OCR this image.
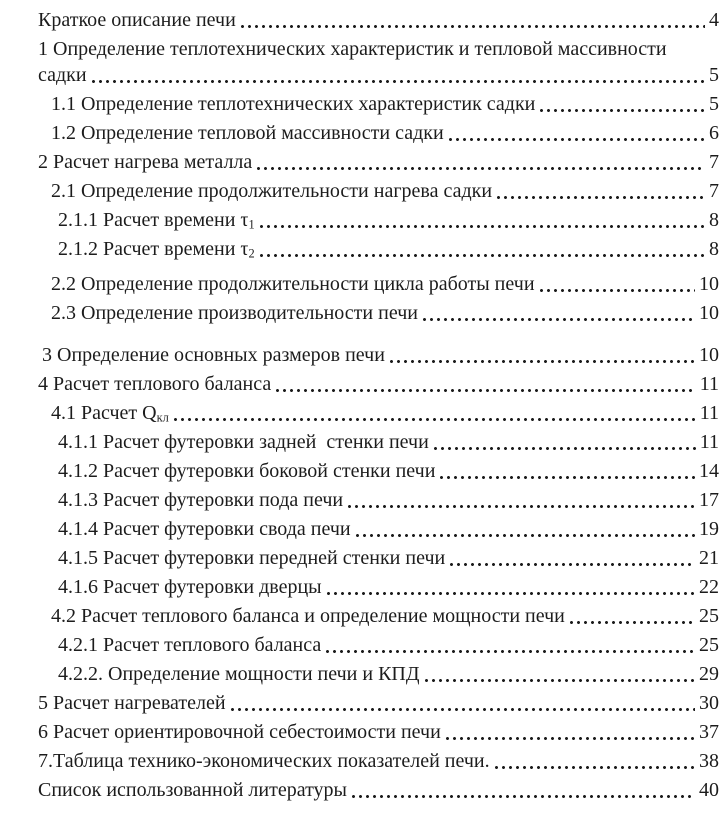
Краткое описание печи	4
1 Определение теплотехнических характеристик и тепловой массивности
садки	5
1.1 Определение теплотехнических характеристик садки	5
1.2 Определение тепловой массивности садки	6
2 Расчет нагрева металла	7
2.1 Определение продолжительности нагрева садки	7
2.1.1 Расчет времени $\tau_1$	8
2.1.2 Расчет времени $\tau_2$	8
2.2 Определение продолжительности цикла работы печи	10
2.3 Определение производительности печи	10
3 Определение основных размеров печи	10
4 Расчет теплового баланса	11
4.1 Расчет $Q_{кл}$	11
4.1.1 Расчет футеровки задней  стенки печи	11
4.1.2 Расчет футеровки боковой стенки печи	14
4.1.3 Расчет футеровки пода печи	17
4.1.4 Расчет футеровки свода печи	19
4.1.5 Расчет футеровки передней стенки печи	21
4.1.6 Расчет футеровки дверцы	22
4.2 Расчет теплового баланса и определение мощности печи	25
4.2.1 Расчет теплового баланса	25
4.2.2. Определение мощности печи и КПД	29
5 Расчет нагревателей	30
6 Расчет ориентировочной себестоимости печи	37
7.Таблица технико-экономических показателей печи.	38
Список использованной литературы	40
